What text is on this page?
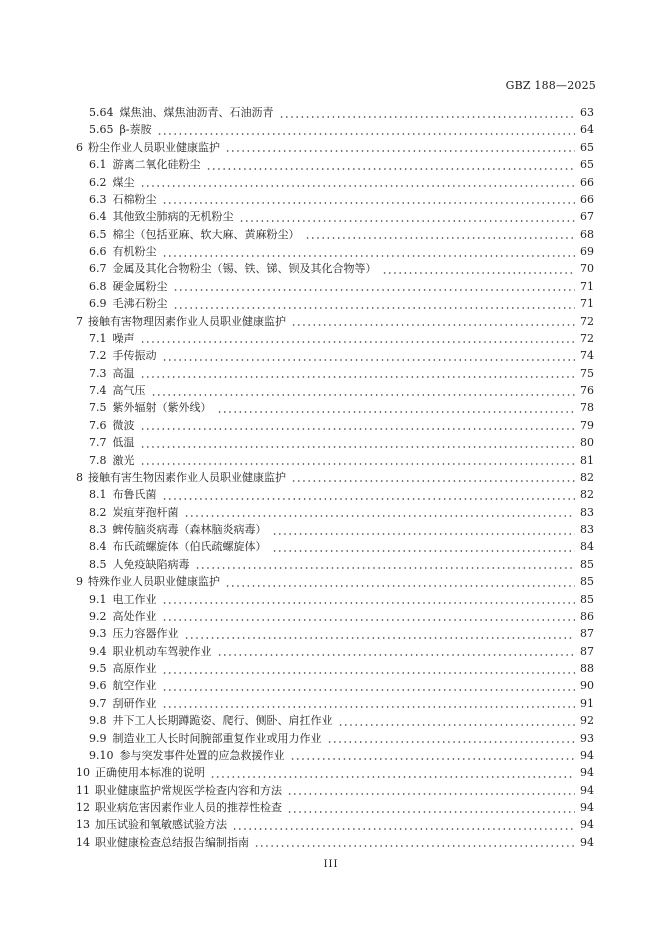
GBZ 188—2025
5.64 煤焦油、煤焦油沥青、石油沥青	63
5.65 β-萘胺	64
6 粉尘作业人员职业健康监护	65
6.1 游离二氧化硅粉尘	65
6.2 煤尘	66
6.3 石棉粉尘	66
6.4 其他致尘肺病的无机粉尘	67
6.5 棉尘（包括亚麻、软大麻、黄麻粉尘）	68
6.6 有机粉尘	69
6.7 金属及其化合物粉尘（锡、铁、锑、钡及其化合物等）	70
6.8 硬金属粉尘	71
6.9 毛沸石粉尘	71
7 接触有害物理因素作业人员职业健康监护	72
7.1 噪声	72
7.2 手传振动	74
7.3 高温	75
7.4 高气压	76
7.5 紫外辐射（紫外线）	78
7.6 微波	79
7.7 低温	80
7.8 激光	81
8 接触有害生物因素作业人员职业健康监护	82
8.1 布鲁氏菌	82
8.2 炭疽芽孢杆菌	83
8.3 蜱传脑炎病毒（森林脑炎病毒）	83
8.4 布氏疏螺旋体（伯氏疏螺旋体）	84
8.5 人免疫缺陷病毒	85
9 特殊作业人员职业健康监护	85
9.1 电工作业	85
9.2 高处作业	86
9.3 压力容器作业	87
9.4 职业机动车驾驶作业	87
9.5 高原作业	88
9.6 航空作业	90
9.7 刮研作业	91
9.8 井下工人长期蹲跪姿、爬行、侧卧、肩扛作业	92
9.9 制造业工人长时间腕部重复作业或用力作业	93
9.10 参与突发事件处置的应急救援作业	94
10 正确使用本标准的说明	94
11 职业健康监护常规医学检查内容和方法	94
12 职业病危害因素作业人员的推荐性检查	94
13 加压试验和氧敏感试验方法	94
14 职业健康检查总结报告编制指南	94
III
